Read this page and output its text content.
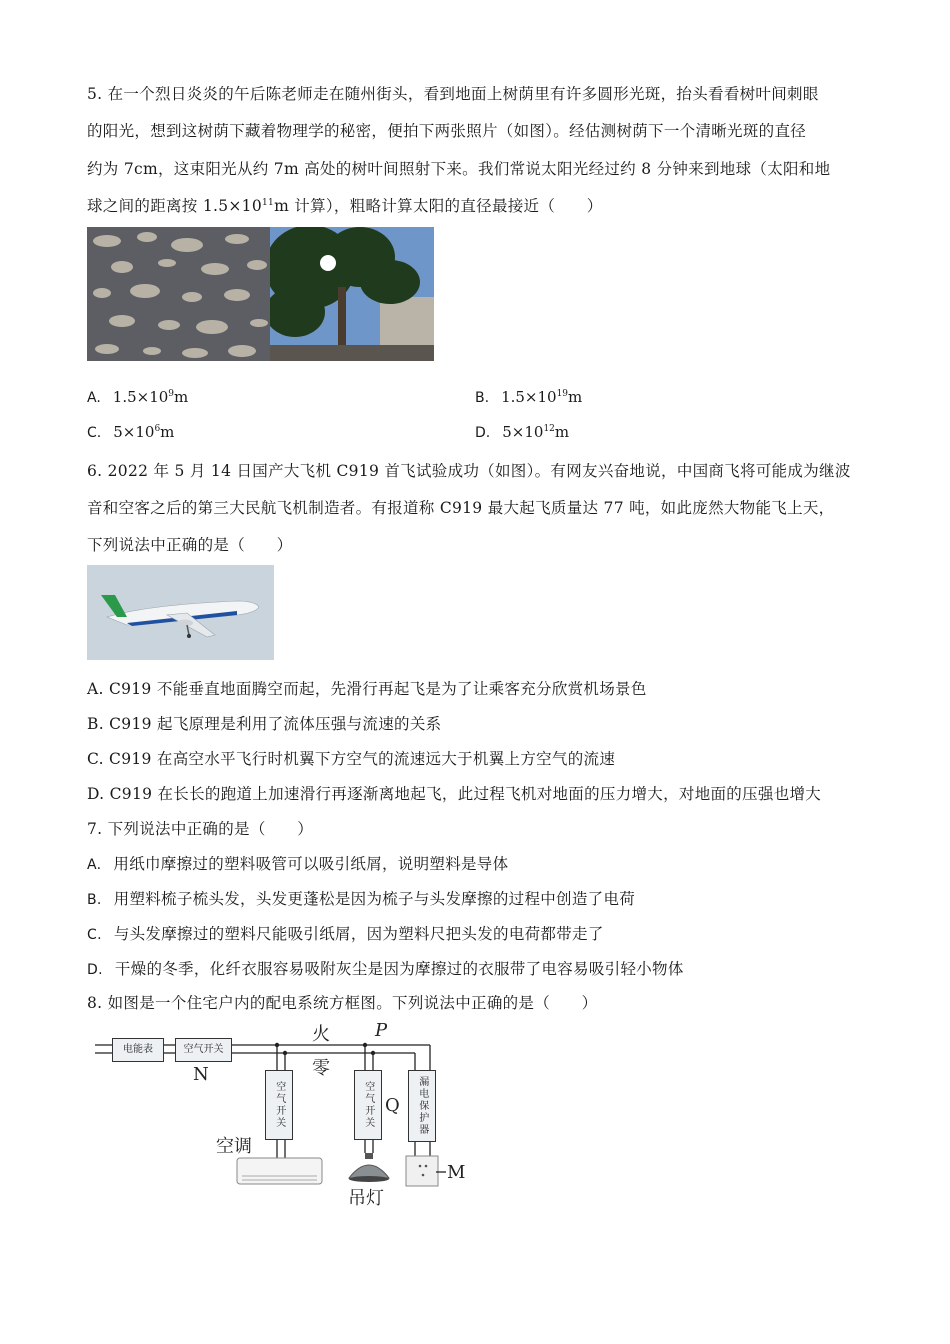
5. 在一个烈日炎炎的午后陈老师走在随州街头，看到地面上树荫里有许多圆形光斑，抬头看看树叶间刺眼
的阳光，想到这树荫下藏着物理学的秘密，便拍下两张照片（如图）。经估测树荫下一个清晰光斑的直径
约为 7cm，这束阳光从约 7m 高处的树叶间照射下来。我们常说太阳光经过约 8 分钟来到地球（太阳和地
球之间的距离按 $1.5\times 10^{11}m$ 计算），粗略计算太阳的直径最接近（　　）
A. $1.5\times 10^9m$	B. $1.5\times 10^{19}m$
C. $5\times 10^6m$	D. $5\times 10^{12}m$
6. 2022 年 5 月 14 日国产大飞机 C919 首飞试验成功（如图）。有网友兴奋地说，中国商飞将可能成为继波
音和空客之后的第三大民航飞机制造者。有报道称 C919 最大起飞质量达 77 吨，如此庞然大物能飞上天，
下列说法中正确的是（　　）
A. C919 不能垂直地面腾空而起，先滑行再起飞是为了让乘客充分欣赏机场景色
B. C919 起飞原理是利用了流体压强与流速的关系
C. C919 在高空水平飞行时机翼下方空气的流速远大于机翼上方空气的流速
D. C919 在长长的跑道上加速滑行再逐渐离地起飞，此过程飞机对地面的压力增大，对地面的压强也增大
7. 下列说法中正确的是（　　）
A. 用纸巾摩擦过的塑料吸管可以吸引纸屑，说明塑料是导体
B. 用塑料梳子梳头发，头发更蓬松是因为梳子与头发摩擦的过程中创造了电荷
C. 与头发摩擦过的塑料尺能吸引纸屑，因为塑料尺把头发的电荷都带走了
D. 干燥的冬季，化纤衣服容易吸附灰尘是因为摩擦过的衣服带了电容易吸引轻小物体
8. 如图是一个住宅户内的配电系统方框图。下列说法中正确的是（　　）
电能表	空气开关
空气开关	空气开关	漏电保护器
火
零
P
N
Q
M
空调
吊灯
